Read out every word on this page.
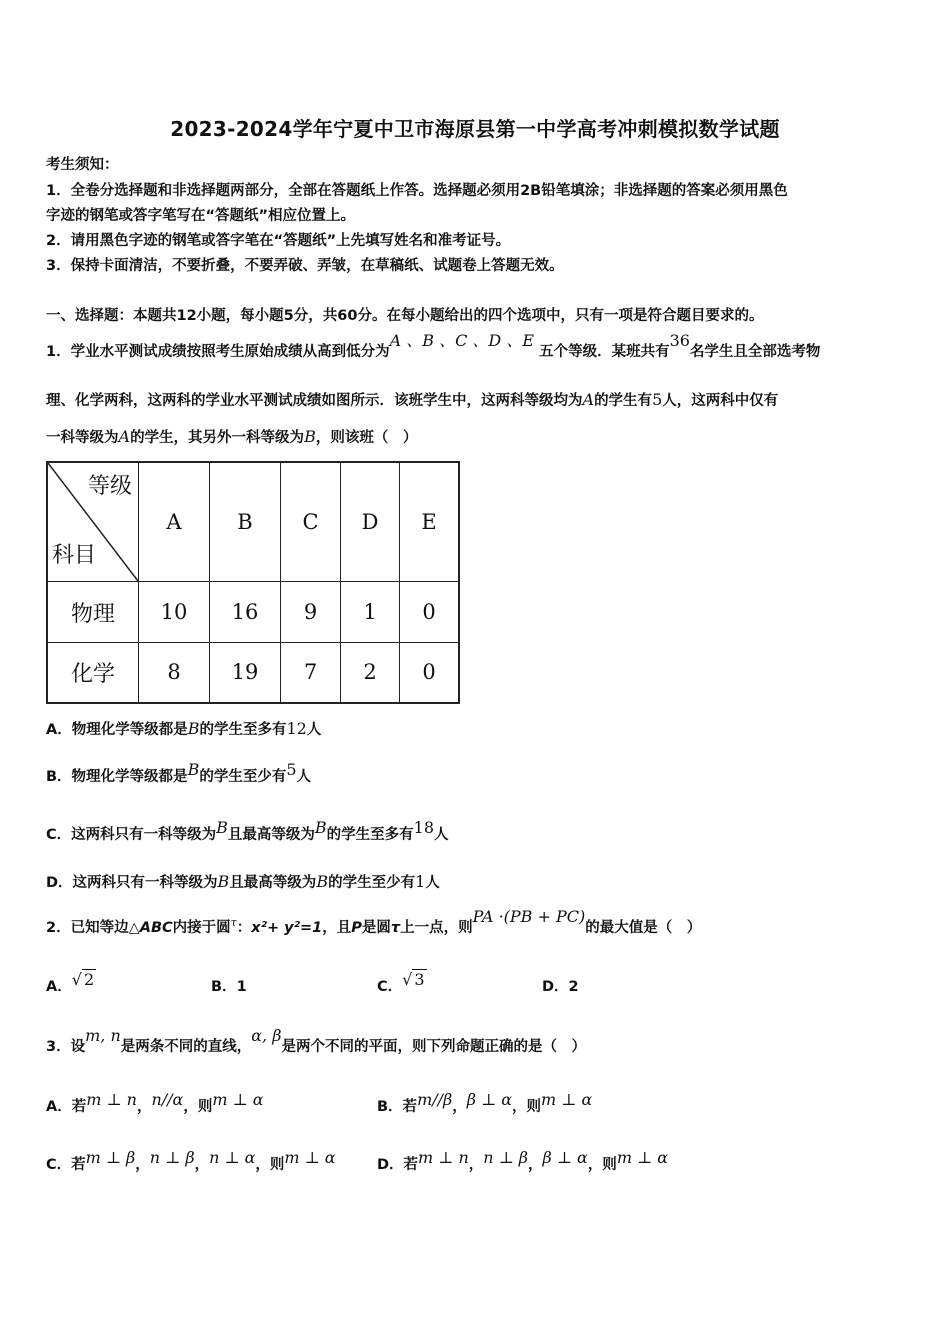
2023-2024学年宁夏中卫市海原县第一中学高考冲刺模拟数学试题
考生须知：
1．全卷分选择题和非选择题两部分，全部在答题纸上作答。选择题必须用2B铅笔填涂；非选择题的答案必须用黑色
字迹的钢笔或答字笔写在“答题纸”相应位置上。
2．请用黑色字迹的钢笔或答字笔在“答题纸”上先填写姓名和准考证号。
3．保持卡面清洁，不要折叠，不要弄破、弄皱，在草稿纸、试题卷上答题无效。
一、选择题：本题共12小题，每小题5分，共60分。在每小题给出的四个选项中，只有一项是符合题目要求的。
1．学业水平测试成绩按照考生原始成绩从高到低分为A 、B 、C 、D 、E 五个等级．某班共有36名学生且全部选考物
理、化学两科，这两科的学业水平测试成绩如图所示．该班学生中，这两科等级均为A的学生有5人，这两科中仅有
一科等级为A的学生，其另外一科等级为B，则该班（　）
等级
科目	A	B	C	D	E
物理	10	16	9	1	0
化学	8	19	7	2	0
A．物理化学等级都是B的学生至多有12人
B．物理化学等级都是B的学生至少有5人
C．这两科只有一科等级为B且最高等级为B的学生至多有18人
D．这两科只有一科等级为B且最高等级为B的学生至少有1人
2．已知等边△ABC内接于圆$^\tau$：x²+ y²=1，且P是圆τ上一点，则PA ·(PB + PC)的最大值是（　）
A．√ 2	B．1	C．√ 3	D．2
3．设m, n是两条不同的直线，α, β是两个不同的平面，则下列命题正确的是（　）
A．若m ⊥ n，n//α，则m ⊥ α	B．若m//β，β ⊥ α，则m ⊥ α
C．若m ⊥ β，n ⊥ β，n ⊥ α，则m ⊥ α	D．若m ⊥ n，n ⊥ β，β ⊥ α，则m ⊥ α
